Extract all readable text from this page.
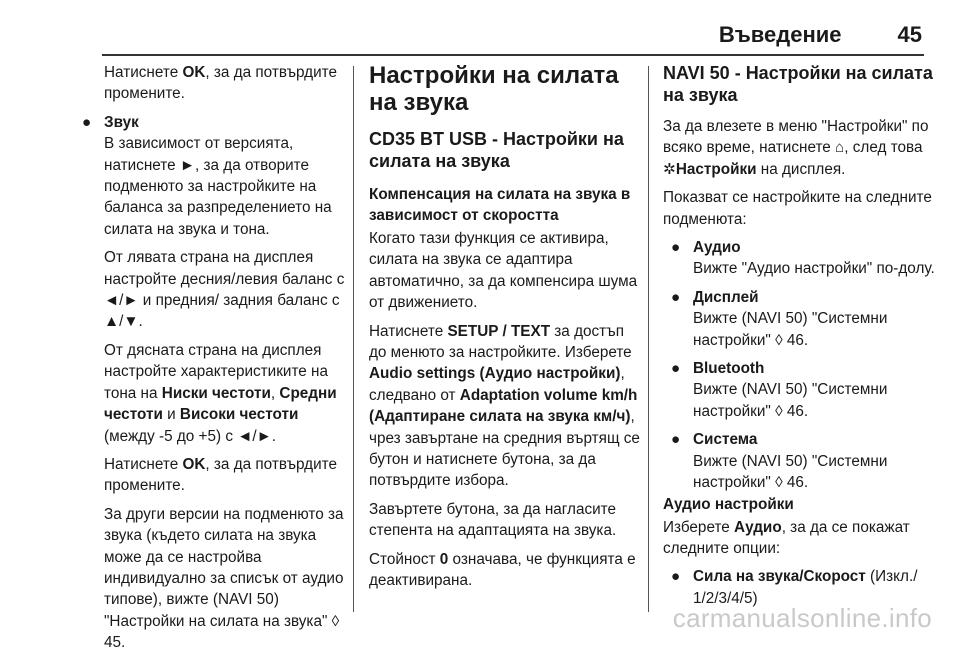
Въведение	45

Натиснете OK, за да потвърдите промените.

● Звук

В зависимост от версията, натиснете ►, за да отворите подменюто за настройките на баланса за разпределението на силата на звука и тона.

От лявата страна на дисплея настройте десния/левия баланс с ◄/► и предния/ задния баланс с ▲/▼.

От дясната страна на дисплея настройте характеристиките на тона на Ниски честоти, Средни честоти и Високи честоти (между -5 до +5) с ◄/►.

Натиснете OK, за да потвърдите промените.

За други версии на подменюто за звука (където силата на звука може да се настройва индивидуално за списък от аудио типове), вижте (NAVI 50) "Настройки на силата на звука" ◊ 45.

Настройки на силата на звука
CD35 BT USB - Настройки на силата на звука
Компенсация на силата на звука в зависимост от скоростта

Когато тази функция се активира, силата на звука се адаптира автоматично, за да компенсира шума от движението.

Натиснете SETUP / TEXT за достъп до менюто за настройките. Изберете Audio settings (Аудио настройки), следвано от Adaptation volume km/h (Адаптиране силата на звука км/ч), чрез завъртане на средния въртящ се бутон и натиснете бутона, за да потвърдите избора.

Завъртете бутона, за да нагласите степента на адаптацията на звука.

Стойност 0 означава, че функцията е деактивирана.

NAVI 50 - Настройки на силата на звука

За да влезете в меню "Настройки" по всяко време, натиснете ⌂, след това ✲Настройки на дисплея.

Показват се настройките на следните подменюта:

● Аудио

Вижте "Аудио настройки" по-долу.

● Дисплей

Вижте (NAVI 50) "Системни настройки" ◊ 46.

● Bluetooth

Вижте (NAVI 50) "Системни настройки" ◊ 46.

● Система

Вижте (NAVI 50) "Системни настройки" ◊ 46.

Аудио настройки

Изберете Аудио, за да се покажат следните опции:

● Сила на звука/Скорост (Изкл./ 1/2/3/4/5)

carmanualsonline.info
